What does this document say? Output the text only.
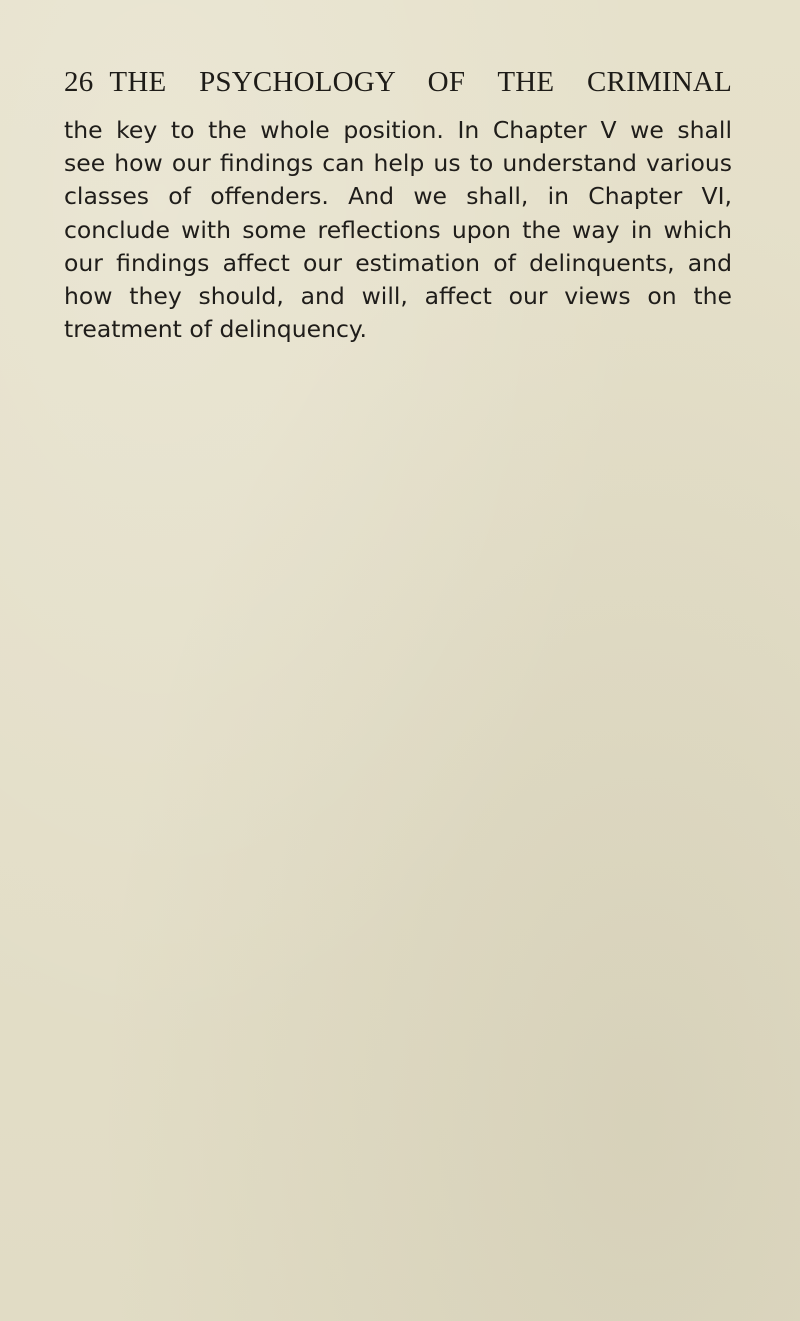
26 THE PSYCHOLOGY OF THE CRIMINAL

the key to the whole position. In Chapter V we shall
see how our findings can help us to understand various
classes of offenders. And we shall, in Chapter VI,
conclude with some reflections upon the way in which
our findings affect our estimation of delinquents, and
how they should, and will, affect our views on the
treatment of delinquency.
